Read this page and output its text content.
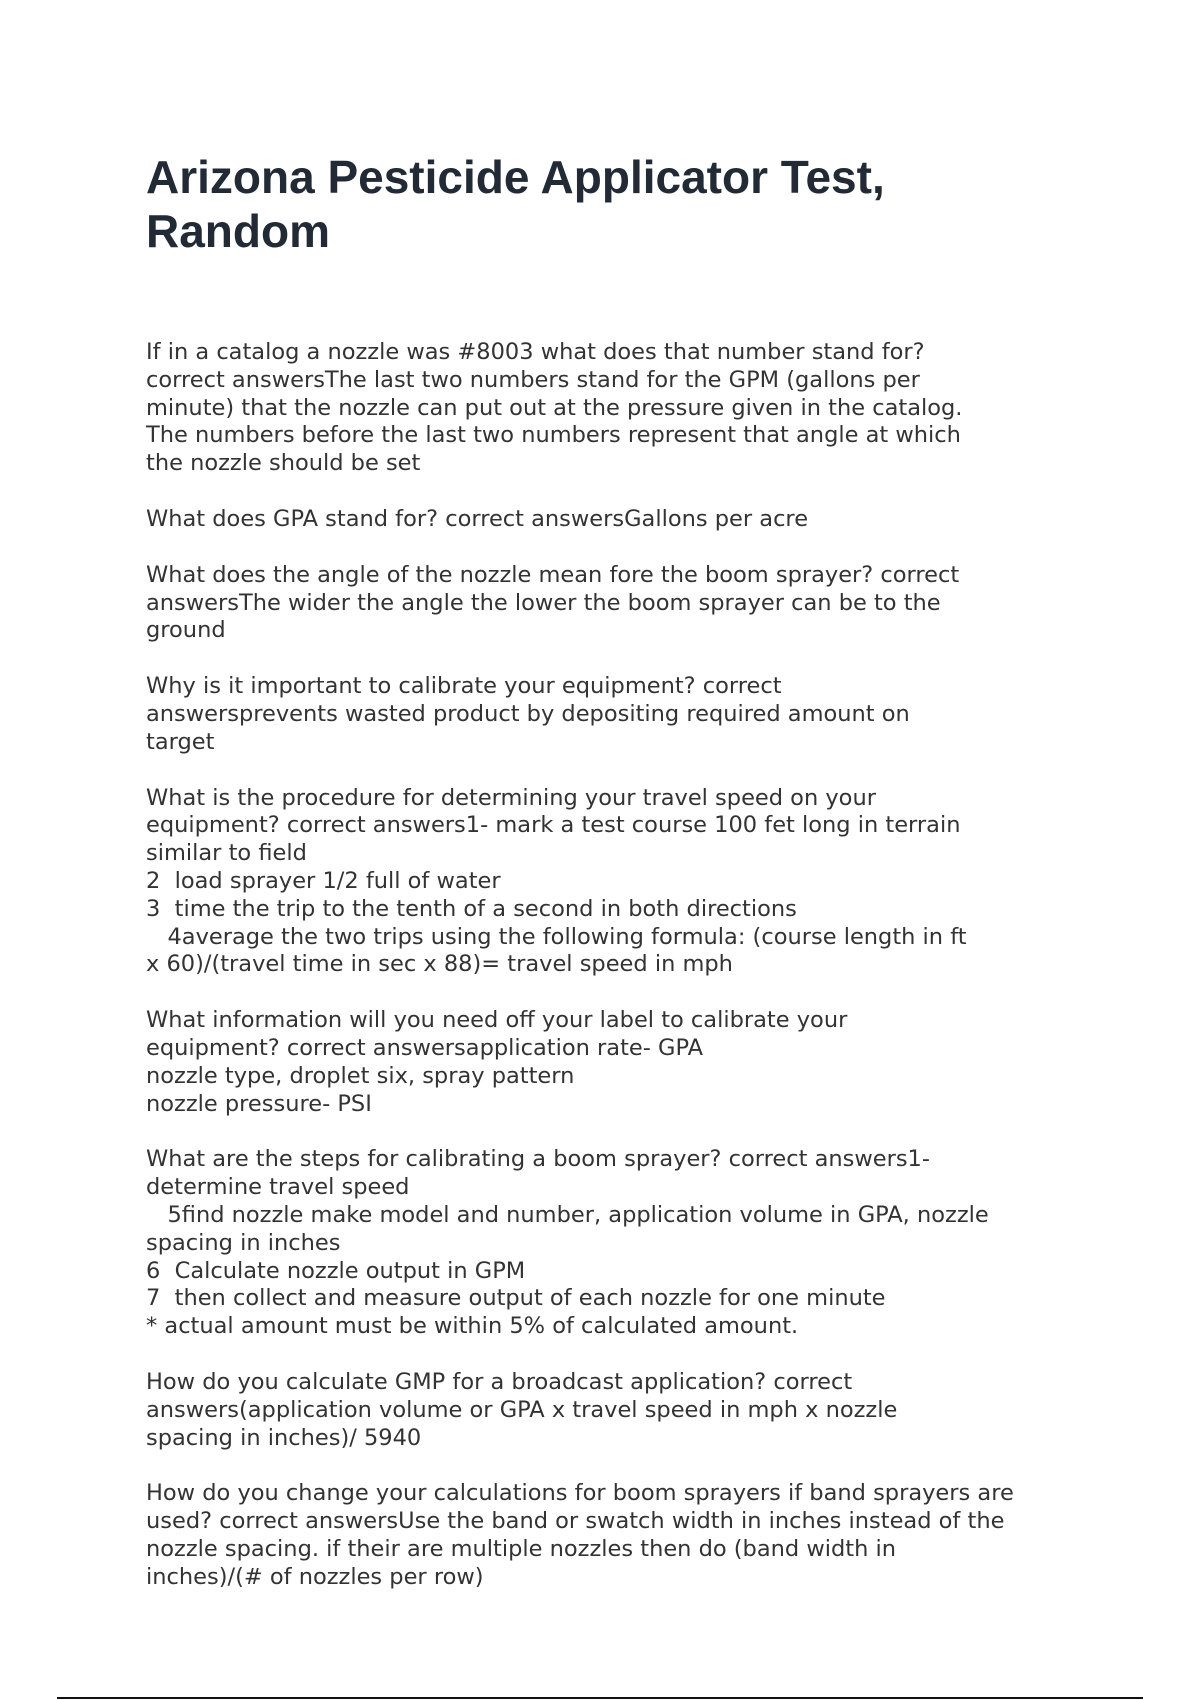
Arizona Pesticide Applicator Test, Random
If in a catalog a nozzle was #8003 what does that number stand for?
correct answersThe last two numbers stand for the GPM (gallons per
minute) that the nozzle can put out at the pressure given in the catalog.
The numbers before the last two numbers represent that angle at which
the nozzle should be set
What does GPA stand for? correct answersGallons per acre
What does the angle of the nozzle mean fore the boom sprayer? correct
answersThe wider the angle the lower the boom sprayer can be to the
ground
Why is it important to calibrate your equipment? correct
answersprevents wasted product by depositing required amount on
target
What is the procedure for determining your travel speed on your
equipment? correct answers1- mark a test course 100 fet long in terrain
similar to field
2  load sprayer 1/2 full of water
3  time the trip to the tenth of a second in both directions
4average the two trips using the following formula: (course length in ft
x 60)/(travel time in sec x 88)= travel speed in mph
What information will you need off your label to calibrate your
equipment? correct answersapplication rate- GPA
nozzle type, droplet six, spray pattern
nozzle pressure- PSI
What are the steps for calibrating a boom sprayer? correct answers1-
determine travel speed
5find nozzle make model and number, application volume in GPA, nozzle
spacing in inches
6  Calculate nozzle output in GPM
7  then collect and measure output of each nozzle for one minute
* actual amount must be within 5% of calculated amount.
How do you calculate GMP for a broadcast application? correct
answers(application volume or GPA x travel speed in mph x nozzle
spacing in inches)/ 5940
How do you change your calculations for boom sprayers if band sprayers are
used? correct answersUse the band or swatch width in inches instead of the
nozzle spacing. if their are multiple nozzles then do (band width in
inches)/(# of nozzles per row)
